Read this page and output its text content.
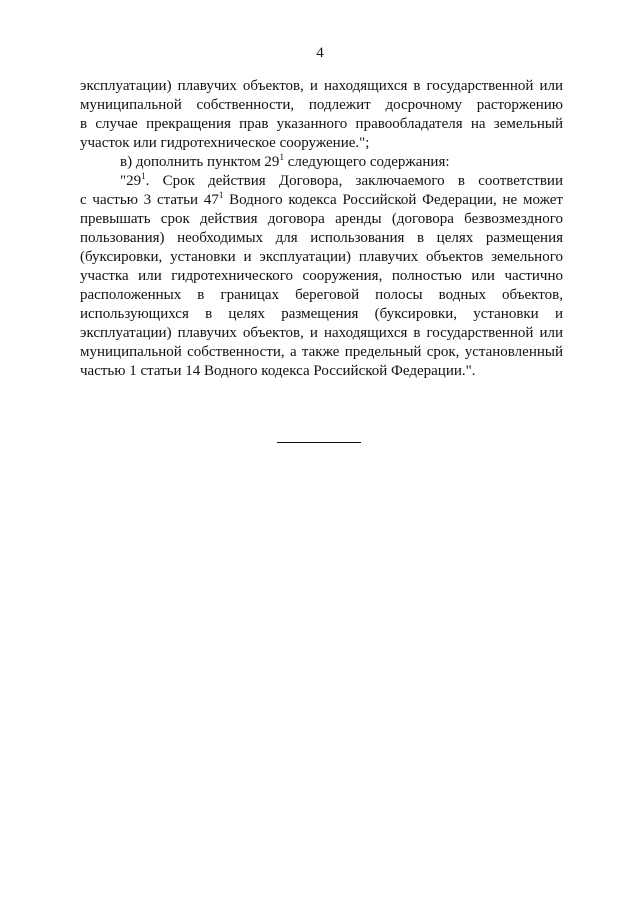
4
эксплуатации) плавучих объектов, и находящихся в государственной или
муниципальной собственности, подлежит досрочному расторжению
в случае прекращения прав указанного правообладателя на земельный
участок или гидротехническое сооружение.";
в) дополнить пунктом $29^1$ следующего содержания:
"$29^1$. Срок действия Договора, заключаемого в соответствии
с частью 3 статьи $47^1$ Водного кодекса Российской Федерации, не может
превышать срок действия договора аренды (договора безвозмездного
пользования) необходимых для использования в целях размещения
(буксировки, установки и эксплуатации) плавучих объектов земельного
участка или гидротехнического сооружения, полностью или частично
расположенных в границах береговой полосы водных объектов,
использующихся в целях размещения (буксировки, установки и
эксплуатации) плавучих объектов, и находящихся в государственной или
муниципальной собственности, а также предельный срок, установленный
частью 1 статьи 14 Водного кодекса Российской Федерации.".
